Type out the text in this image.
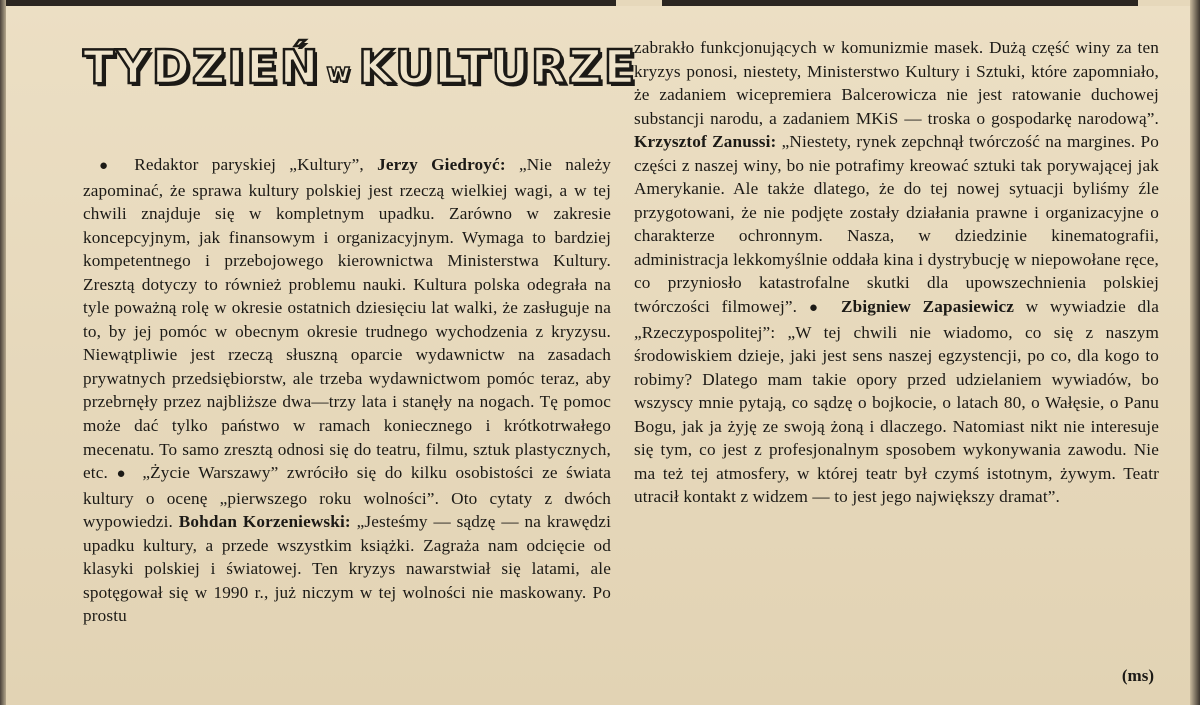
TYDZIEŃ w KULTURZE

● Redaktor paryskiej „Kultury”, Jerzy Giedroyć: „Nie należy zapominać, że sprawa kultury polskiej jest rzeczą wielkiej wagi, a w tej chwili znajduje się w kompletnym upadku. Zarówno w zakresie koncepcyjnym, jak finansowym i organizacyjnym. Wymaga to bardziej kompetentnego i przebojowego kierownictwa Ministerstwa Kultury. Zresztą dotyczy to również problemu nauki. Kultura polska odegrała na tyle poważną rolę w okresie ostatnich dziesięciu lat walki, że zasługuje na to, by jej pomóc w obecnym okresie trudnego wychodzenia z kryzysu. Niewątpliwie jest rzeczą słuszną oparcie wydawnictw na zasadach prywatnych przedsiębiorstw, ale trzeba wydawnictwom pomóc teraz, aby przebrnęły przez najbliższe dwa—trzy lata i stanęły na nogach. Tę pomoc może dać tylko państwo w ramach koniecznego i krótkotrwałego mecenatu. To samo zresztą odnosi się do teatru, filmu, sztuk plastycznych, etc. ● „Życie Warszawy” zwróciło się do kilku osobistości ze świata kultury o ocenę „pierwszego roku wolności”. Oto cytaty z dwóch wypowiedzi. Bohdan Korzeniewski: „Jesteśmy — sądzę — na krawędzi upadku kultury, a przede wszystkim książki. Zagraża nam odcięcie od klasyki polskiej i światowej. Ten kryzys nawarstwiał się latami, ale spotęgował się w 1990 r., już niczym w tej wolności nie maskowany. Po prostu

zabrakło funkcjonujących w komunizmie masek. Dużą część winy za ten kryzys ponosi, niestety, Ministerstwo Kultury i Sztuki, które zapomniało, że zadaniem wicepremiera Balcerowicza nie jest ratowanie duchowej substancji narodu, a zadaniem MKiS — troska o gospodarkę narodową”. Krzysztof Zanussi: „Niestety, rynek zepchnął twórczość na margines. Po części z naszej winy, bo nie potrafimy kreować sztuki tak porywającej jak Amerykanie. Ale także dlatego, że do tej nowej sytuacji byliśmy źle przygotowani, że nie podjęte zostały działania prawne i organizacyjne o charakterze ochronnym. Nasza, w dziedzinie kinematografii, administracja lekkomyślnie oddała kina i dystrybucję w niepowołane ręce, co przyniosło katastrofalne skutki dla upowszechnienia polskiej twórczości filmowej”. ● Zbigniew Zapasiewicz w wywiadzie dla „Rzeczypospolitej”: „W tej chwili nie wiadomo, co się z naszym środowiskiem dzieje, jaki jest sens naszej egzystencji, po co, dla kogo to robimy? Dlatego mam takie opory przed udzielaniem wywiadów, bo wszyscy mnie pytają, co sądzę o bojkocie, o latach 80, o Wałęsie, o Panu Bogu, jak ja żyję ze swoją żoną i dlaczego. Natomiast nikt nie interesuje się tym, co jest z profesjonalnym sposobem wykonywania zawodu. Nie ma też tej atmosfery, w której teatr był czymś istotnym, żywym. Teatr utracił kontakt z widzem — to jest jego największy dramat”.

(ms)
